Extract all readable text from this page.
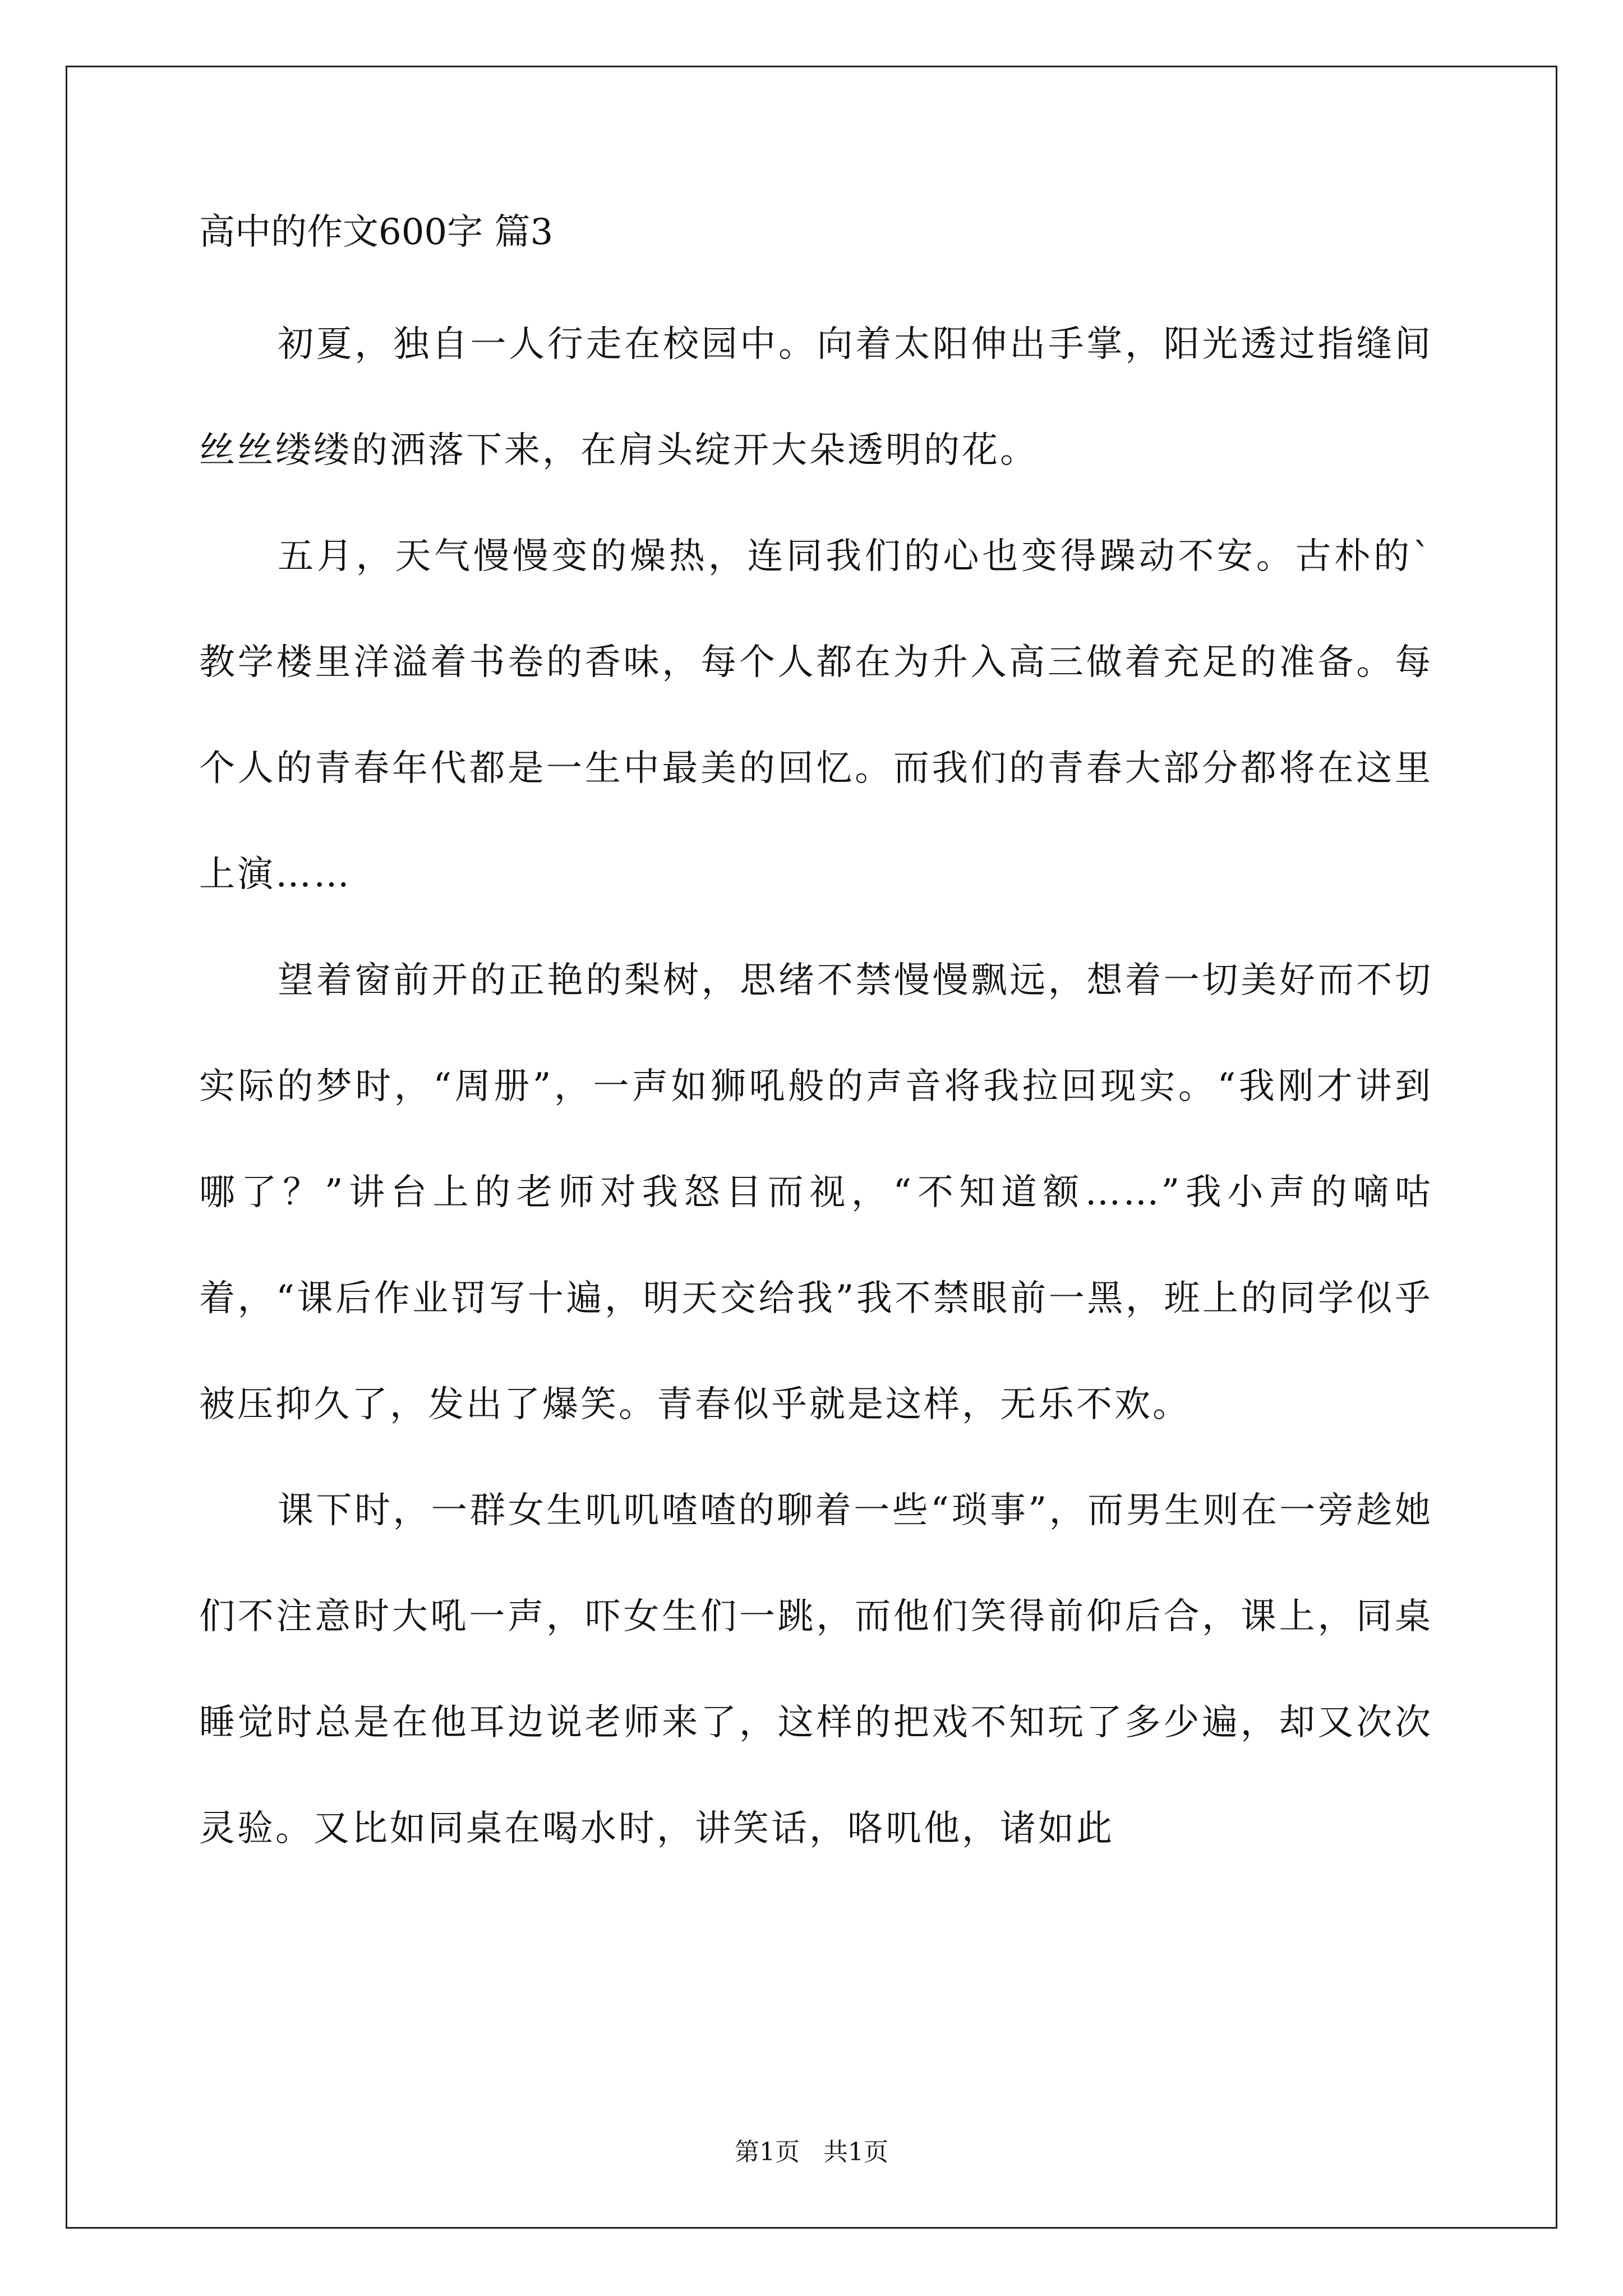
高中的作文600字 篇3

初夏，独自一人行走在校园中。向着太阳伸出手掌，阳光透过指缝间丝丝缕缕的洒落下来，在肩头绽开大朵透明的花。

五月，天气慢慢变的燥热，连同我们的心也变得躁动不安。古朴的`教学楼里洋溢着书卷的香味，每个人都在为升入高三做着充足的准备。每个人的青春年代都是一生中最美的回忆。而我们的青春大部分都将在这里上演……

望着窗前开的正艳的梨树，思绪不禁慢慢飘远，想着一切美好而不切实际的梦时，“周册”，一声如狮吼般的声音将我拉回现实。“我刚才讲到哪了？”讲台上的老师对我怒目而视，“不知道额……”我小声的嘀咕着，“课后作业罚写十遍，明天交给我”我不禁眼前一黑，班上的同学似乎被压抑久了，发出了爆笑。青春似乎就是这样，无乐不欢。

课下时，一群女生叽叽喳喳的聊着一些“琐事”，而男生则在一旁趁她们不注意时大吼一声，吓女生们一跳，而他们笑得前仰后合，课上，同桌睡觉时总是在他耳边说老师来了，这样的把戏不知玩了多少遍，却又次次灵验。又比如同桌在喝水时，讲笑话，咯叽他，诸如此

第1页   共1页
